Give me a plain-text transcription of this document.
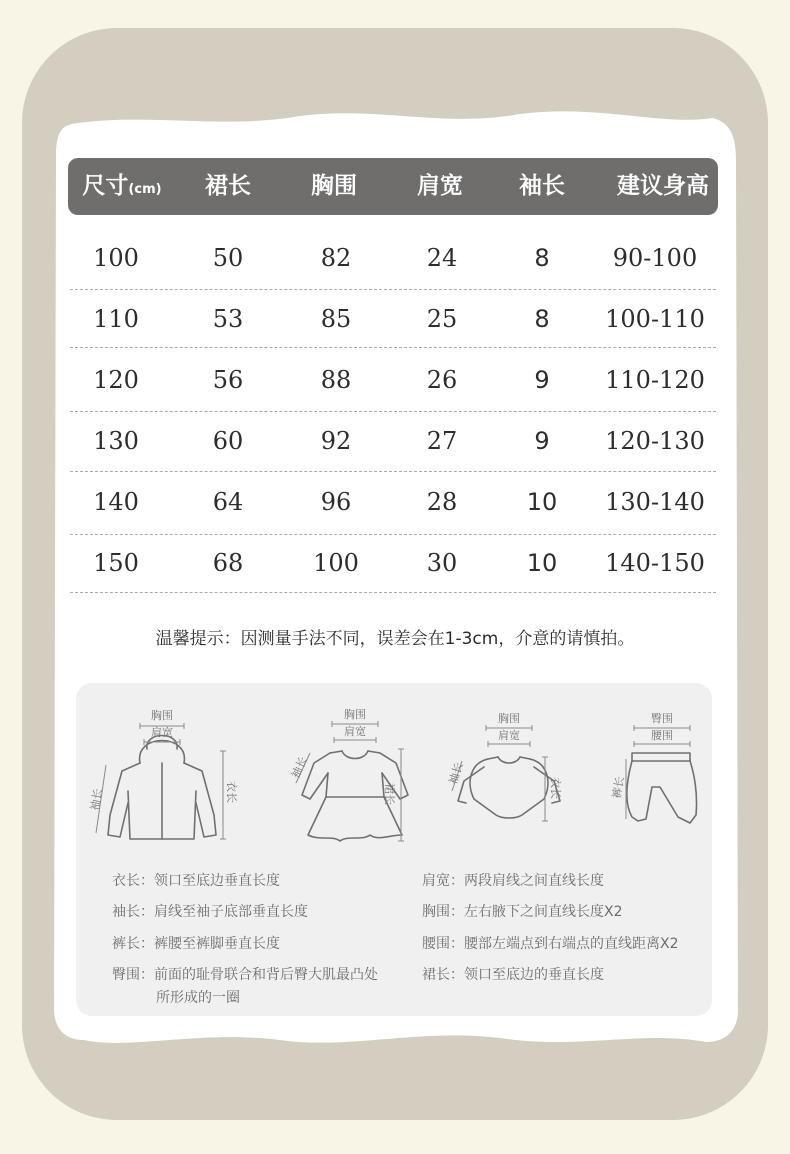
尺寸(cm) 裙长	胸围	肩宽 袖长 建议身高
100	50	82	24	8	90-100
110	53	85	25	8 100-110
120	56	88	26	9 110-120
130	60	92	27	9 120-130
140	64	96	28	10 130-140
150	68	100	30	10 140-150
温馨提示：因测量手法不同，误差会在1-3cm，介意的请慎拍。
胸围
肩宽
衣长
袖长
胸围
肩宽
裙长
袖长
胸围
肩宽
衣长
袖长
臀围
腰围
裤长
衣长：领口至底边垂直长度	肩宽：两段肩线之间直线长度
袖长：肩线至袖子底部垂直长度	胸围：左右腋下之间直线长度X2
裤长：裤腰至裤脚垂直长度	腰围：腰部左端点到右端点的直线距离X2
臀围：前面的耻骨联合和背后臀大肌最凸处
所形成的一圈
裙长：领口至底边的垂直长度
